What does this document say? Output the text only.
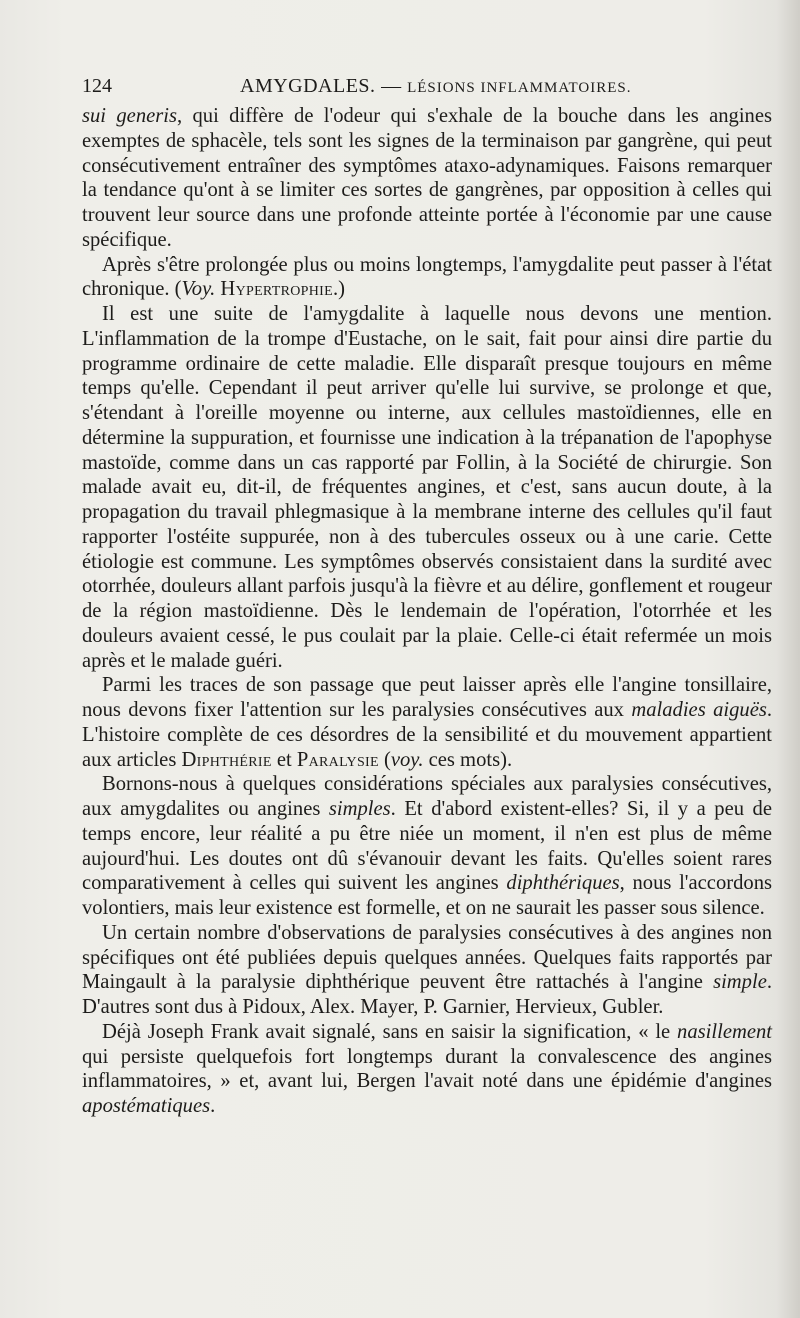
124	AMYGDALES. — LÉSIONS INFLAMMATOIRES.

sui generis, qui diffère de l'odeur qui s'exhale de la bouche dans les angines exemptes de sphacèle, tels sont les signes de la terminaison par gangrène, qui peut consécutivement entraîner des symptômes ataxo-adynamiques. Faisons remarquer la tendance qu'ont à se limiter ces sortes de gangrènes, par opposition à celles qui trouvent leur source dans une profonde atteinte portée à l'économie par une cause spécifique.

Après s'être prolongée plus ou moins longtemps, l'amygdalite peut passer à l'état chronique. (Voy. Hypertrophie.)

Il est une suite de l'amygdalite à laquelle nous devons une mention. L'inflammation de la trompe d'Eustache, on le sait, fait pour ainsi dire partie du programme ordinaire de cette maladie. Elle disparaît presque toujours en même temps qu'elle. Cependant il peut arriver qu'elle lui survive, se prolonge et que, s'étendant à l'oreille moyenne ou interne, aux cellules mastoïdiennes, elle en détermine la suppuration, et fournisse une indication à la trépanation de l'apophyse mastoïde, comme dans un cas rapporté par Follin, à la Société de chirurgie. Son malade avait eu, dit-il, de fréquentes angines, et c'est, sans aucun doute, à la propagation du travail phlegmasique à la membrane interne des cellules qu'il faut rapporter l'ostéite suppurée, non à des tubercules osseux ou à une carie. Cette étiologie est commune. Les symptômes observés consistaient dans la surdité avec otorrhée, douleurs allant parfois jusqu'à la fièvre et au délire, gonflement et rougeur de la région mastoïdienne. Dès le lendemain de l'opération, l'otorrhée et les douleurs avaient cessé, le pus coulait par la plaie. Celle-ci était refermée un mois après et le malade guéri.

Parmi les traces de son passage que peut laisser après elle l'angine tonsillaire, nous devons fixer l'attention sur les paralysies consécutives aux maladies aiguës. L'histoire complète de ces désordres de la sensibilité et du mouvement appartient aux articles Diphthérie et Paralysie (voy. ces mots).

Bornons-nous à quelques considérations spéciales aux paralysies consécutives, aux amygdalites ou angines simples. Et d'abord existent-elles? Si, il y a peu de temps encore, leur réalité a pu être niée un moment, il n'en est plus de même aujourd'hui. Les doutes ont dû s'évanouir devant les faits. Qu'elles soient rares comparativement à celles qui suivent les angines diphthériques, nous l'accordons volontiers, mais leur existence est formelle, et on ne saurait les passer sous silence.

Un certain nombre d'observations de paralysies consécutives à des angines non spécifiques ont été publiées depuis quelques années. Quelques faits rapportés par Maingault à la paralysie diphthérique peuvent être rattachés à l'angine simple. D'autres sont dus à Pidoux, Alex. Mayer, P. Garnier, Hervieux, Gubler.

Déjà Joseph Frank avait signalé, sans en saisir la signification, « le nasillement qui persiste quelquefois fort longtemps durant la convalescence des angines inflammatoires, » et, avant lui, Bergen l'avait noté dans une épidémie d'angines apostématiques.
